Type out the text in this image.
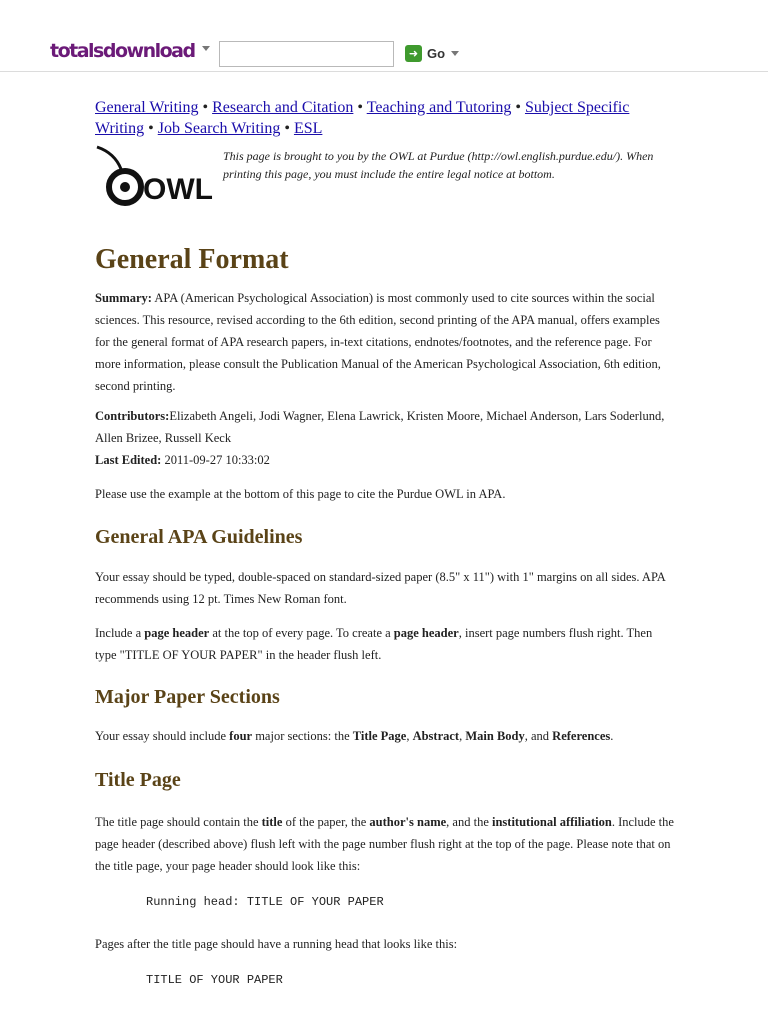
totalsdownload	➜ Go
General Writing • Research and Citation • Teaching and Tutoring • Subject Specific Writing • Job Search Writing • ESL
OWL
This page is brought to you by the OWL at Purdue (http://owl.english.purdue.edu/). When printing this page, you must include the entire legal notice at bottom.
General Format

Summary: APA (American Psychological Association) is most commonly used to cite sources within the social sciences. This resource, revised according to the 6th edition, second printing of the APA manual, offers examples for the general format of APA research papers, in-text citations, endnotes/footnotes, and the reference page. For more information, please consult the Publication Manual of the American Psychological Association, 6th edition, second printing.

Contributors:Elizabeth Angeli, Jodi Wagner, Elena Lawrick, Kristen Moore, Michael Anderson, Lars Soderlund, Allen Brizee, Russell Keck

Last Edited: 2011-09-27 10:33:02

Please use the example at the bottom of this page to cite the Purdue OWL in APA.

General APA Guidelines

Your essay should be typed, double-spaced on standard-sized paper (8.5" x 11") with 1" margins on all sides. APA recommends using 12 pt. Times New Roman font.

Include a page header at the top of every page. To create a page header, insert page numbers flush right. Then type "TITLE OF YOUR PAPER" in the header flush left.

Major Paper Sections

Your essay should include four major sections: the Title Page, Abstract, Main Body, and References.

Title Page

The title page should contain the title of the paper, the author's name, and the institutional affiliation. Include the page header (described above) flush left with the page number flush right at the top of the page. Please note that on the title page, your page header should look like this:

Running head: TITLE OF YOUR PAPER

Pages after the title page should have a running head that looks like this:

TITLE OF YOUR PAPER
